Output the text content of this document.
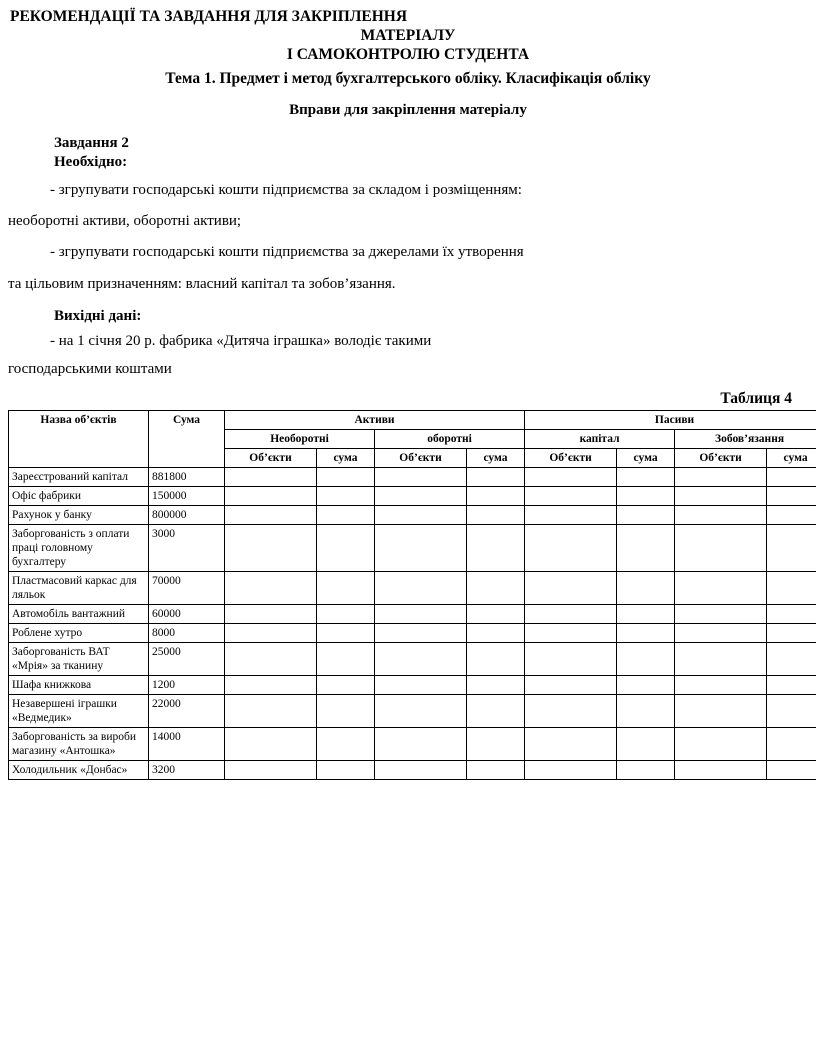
РЕКОМЕНДАЦІЇ ТА ЗАВДАННЯ ДЛЯ ЗАКРІПЛЕННЯ
МАТЕРІАЛУ
І САМОКОНТРОЛЮ СТУДЕНТА
Тема 1. Предмет і метод бухгалтерського обліку. Класифікація обліку
Вправи для закріплення матеріалу
Завдання 2
Необхідно:
- згрупувати господарські кошти підприємства за складом і розміщенням:
необоротні активи, оборотні активи;
- згрупувати господарські кошти підприємства за джерелами їх утворення
та цільовим призначенням: власний капітал та зобов’язання.
Вихідні дані:
- на 1 січня 20 р. фабрика «Дитяча іграшка» володіє такими
господарськими коштами
Таблиця 4
Назва об’єктів	Сума	Активи				Пасиви			
		Необоротні		оборотні		капітал		Зобов’язання	
		Об’єкти	сума	Об’єкти	сума	Об’єкти	сума	Об’єкти	сума
Зареєстрований капітал	881800								
Офіс фабрики	150000								
Рахунок у банку	800000								
Заборгованість з оплати праці головному бухгалтеру	3000								
Пластмасовий каркас для ляльок	70000								
Автомобіль вантажний	60000								
Роблене хутро	8000								
Заборгованість ВАТ «Мрія» за тканину	25000								
Шафа книжкова	1200								
Незавершені іграшки «Ведмедик»	22000								
Заборгованість за вироби магазину «Антошка»	14000								
Холодильник «Донбас»	3200								
